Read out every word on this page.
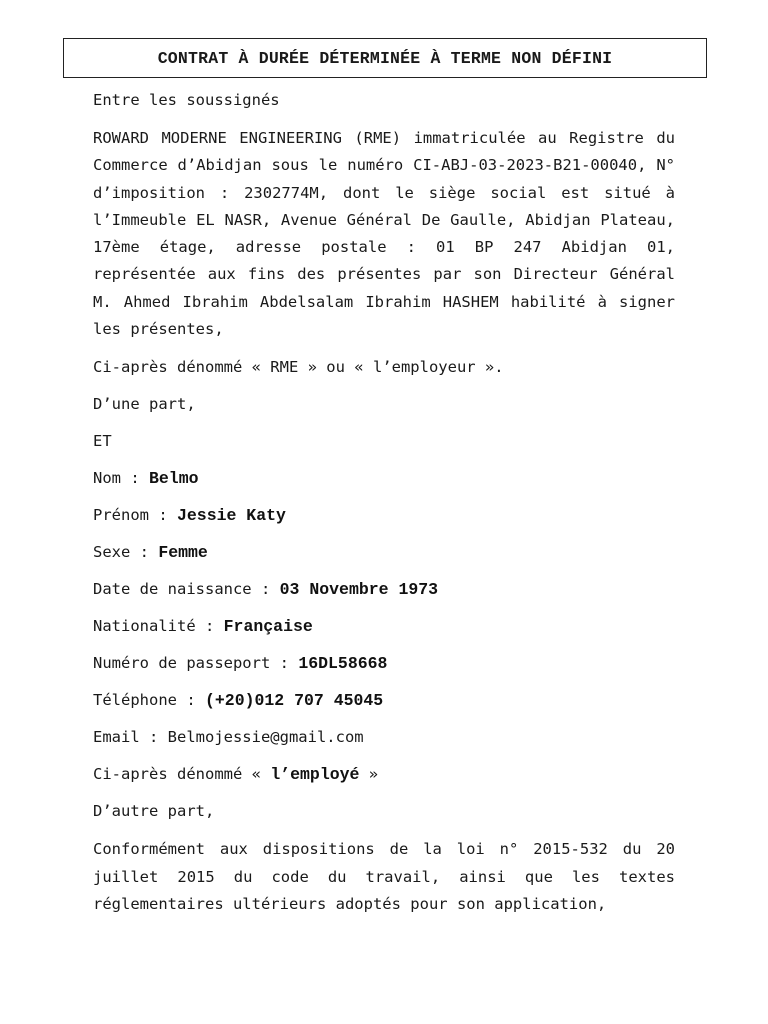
CONTRAT À DURÉE DÉTERMINÉE À TERME NON DÉFINI

Entre les soussignés

ROWARD MODERNE ENGINEERING (RME) immatriculée au Registre du Commerce d’Abidjan sous le numéro CI-ABJ-03-2023-B21-00040, N° d’imposition : 2302774M, dont le siège social est situé à l’Immeuble EL NASR, Avenue Général De Gaulle, Abidjan Plateau, 17ème étage, adresse postale : 01 BP 247 Abidjan 01, représentée aux fins des présentes par son Directeur Général M. Ahmed Ibrahim Abdelsalam Ibrahim HASHEM habilité à signer les présentes,

Ci-après dénommé « RME » ou « l’employeur ».

D’une part,

ET

Nom : Belmo

Prénom : Jessie Katy

Sexe : Femme

Date de naissance : 03 Novembre 1973

Nationalité : Française

Numéro de passeport : 16DL58668

Téléphone : (+20)012 707 45045

Email : Belmojessie@gmail.com

Ci-après dénommé « l’employé »

D’autre part,

Conformément aux dispositions de la loi n° 2015-532 du 20 juillet 2015 du code du travail, ainsi que les textes réglementaires ultérieurs adoptés pour son application,
